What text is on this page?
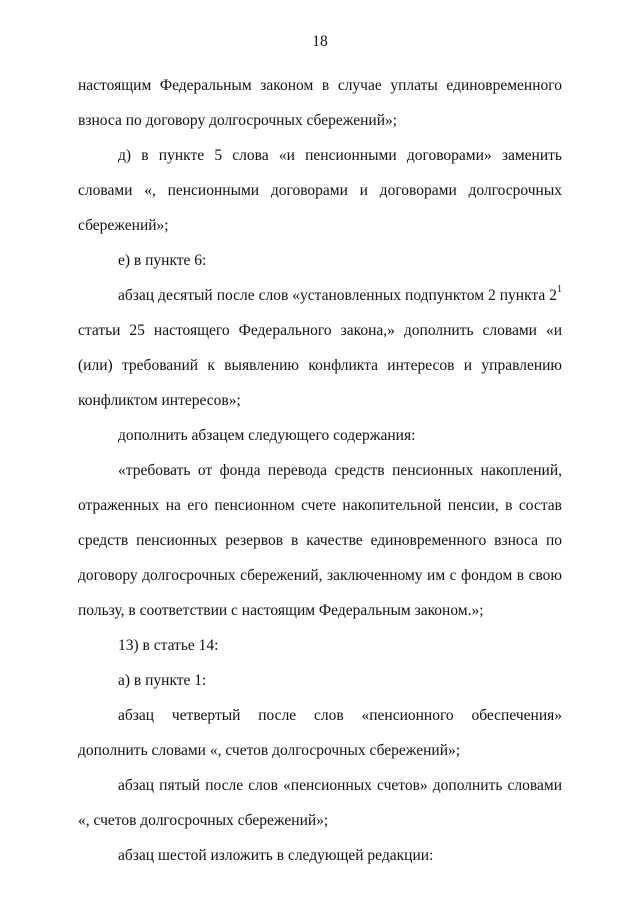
18

настоящим Федеральным законом в случае уплаты единовременного взноса по договору долгосрочных сбережений»;

д) в пункте 5 слова «и пенсионными договорами» заменить словами «, пенсионными договорами и договорами долгосрочных сбережений»;

е) в пункте 6:

абзац десятый после слов «установленных подпунктом 2 пункта $2^1$ статьи 25 настоящего Федерального закона,» дополнить словами «и (или) требований к выявлению конфликта интересов и управлению конфликтом интересов»;

дополнить абзацем следующего содержания:

«требовать от фонда перевода средств пенсионных накоплений, отраженных на его пенсионном счете накопительной пенсии, в состав средств пенсионных резервов в качестве единовременного взноса по договору долгосрочных сбережений, заключенному им с фондом в свою пользу, в соответствии с настоящим Федеральным законом.»;

13) в статье 14:

а) в пункте 1:

абзац четвертый после слов «пенсионного обеспечения» дополнить словами «, счетов долгосрочных сбережений»;

абзац пятый после слов «пенсионных счетов» дополнить словами «, счетов долгосрочных сбережений»;

абзац шестой изложить в следующей редакции:
